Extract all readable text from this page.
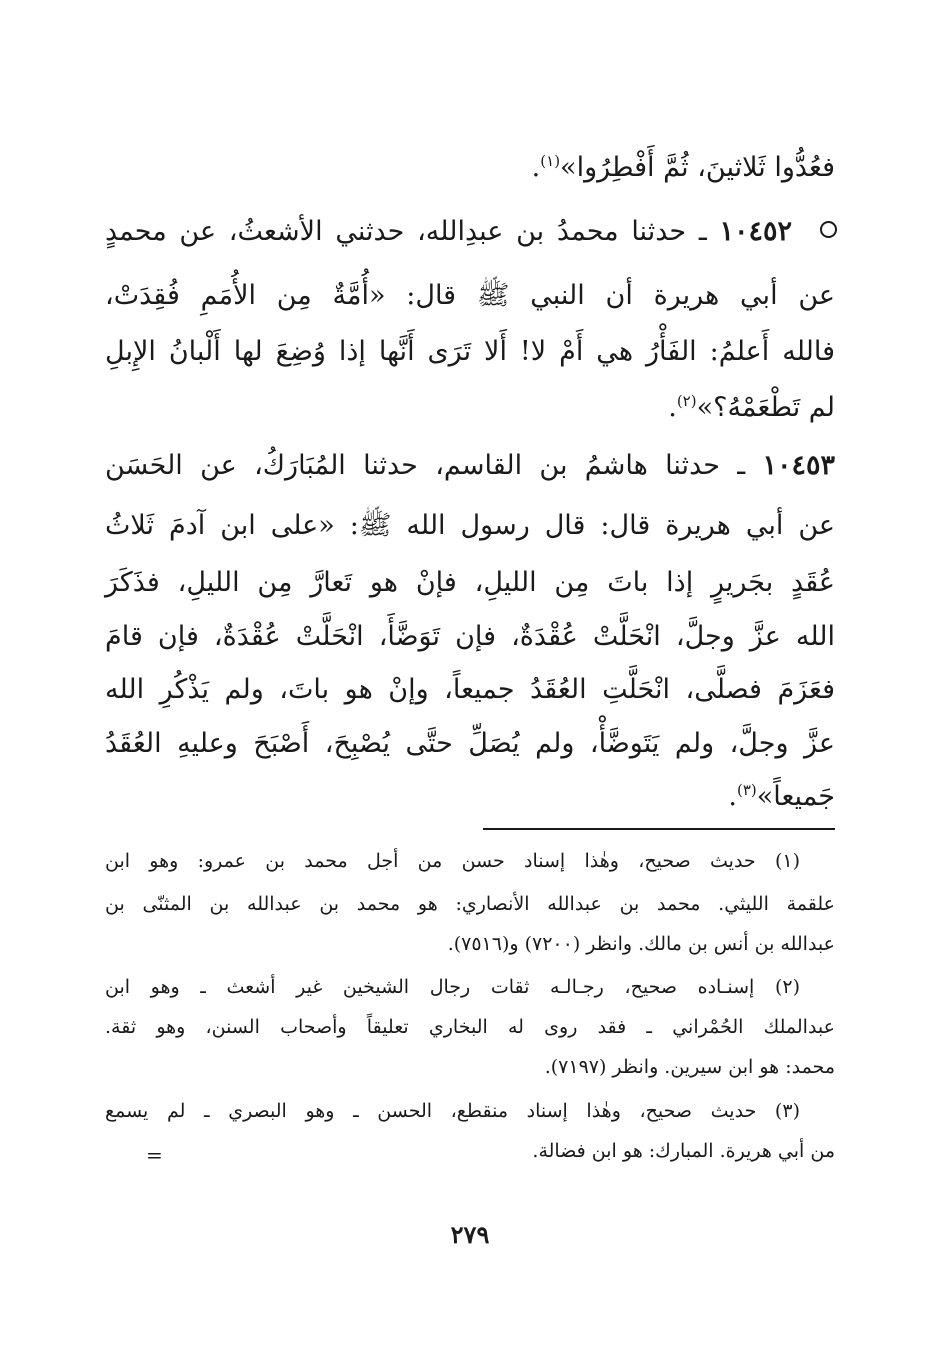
فعُدُّوا ثَلاثينَ، ثُمَّ أَفْطِرُوا»$^{(١)}$.
١٠٤٥٢ ـ حدثنا محمدُ بن عبدِالله، حدثني الأشعثُ، عن محمدٍ
عن أبي هريرة أن النبي ﷺ قال: «أُمَّةٌ مِن الأُمَمِ فُقِدَتْ،
فالله أَعلمُ: الفَأْرُ هي أَمْ لا! أَلا تَرَى أَنَّها إذا وُضِعَ لها أَلْبانُ الإِبلِ
لم تَطْعَمْهُ؟»$^{(٢)}$.
١٠٤٥٣ ـ حدثنا هاشمُ بن القاسم، حدثنا المُبَارَكُ، عن الحَسَن
عن أبي هريرة قال: قال رسول الله ﷺ: «على ابن آدمَ ثَلاثُ
عُقَدٍ بجَريرٍ إذا باتَ مِن الليلِ، فإنْ هو تَعارَّ مِن الليلِ، فذَكَرَ
الله عزَّ وجلَّ، انْحَلَّتْ عُقْدَةٌ، فإن تَوَضَّأَ، انْحَلَّتْ عُقْدَةٌ، فإن قامَ
فعَزَمَ فصلَّى، انْحَلَّتِ العُقَدُ جميعاً، وإنْ هو باتَ، ولم يَذْكُرِ الله
عزَّ وجلَّ، ولم يَتَوضَّأْ، ولم يُصَلِّ حتَّى يُصْبِحَ، أَصْبَحَ وعليهِ العُقَدُ
جَميعاً»$^{(٣)}$.
(١) حديث صحيح، وهٰذا إسناد حسن من أجل محمد بن عمرو: وهو ابن
علقمة الليثي. محمد بن عبدالله الأنصاري: هو محمد بن عبدالله بن المثنّى بن
عبدالله بن أنس بن مالك. وانظر (٧٢٠٠) و(٧٥١٦).
(٢) إسنـاده صحيح، رجـالـه ثقات رجال الشيخين غير أشعث ـ وهو ابن
عبدالملك الحُمْراني ـ فقد روى له البخاري تعليقاً وأصحاب السنن، وهو ثقة.
محمد: هو ابن سيرين. وانظر (٧١٩٧).
(٣) حديث صحيح، وهٰذا إسناد منقطع، الحسن ـ وهو البصري ـ لم يسمع
من أبي هريرة. المبارك: هو ابن فضالة.
=
٢٧٩
